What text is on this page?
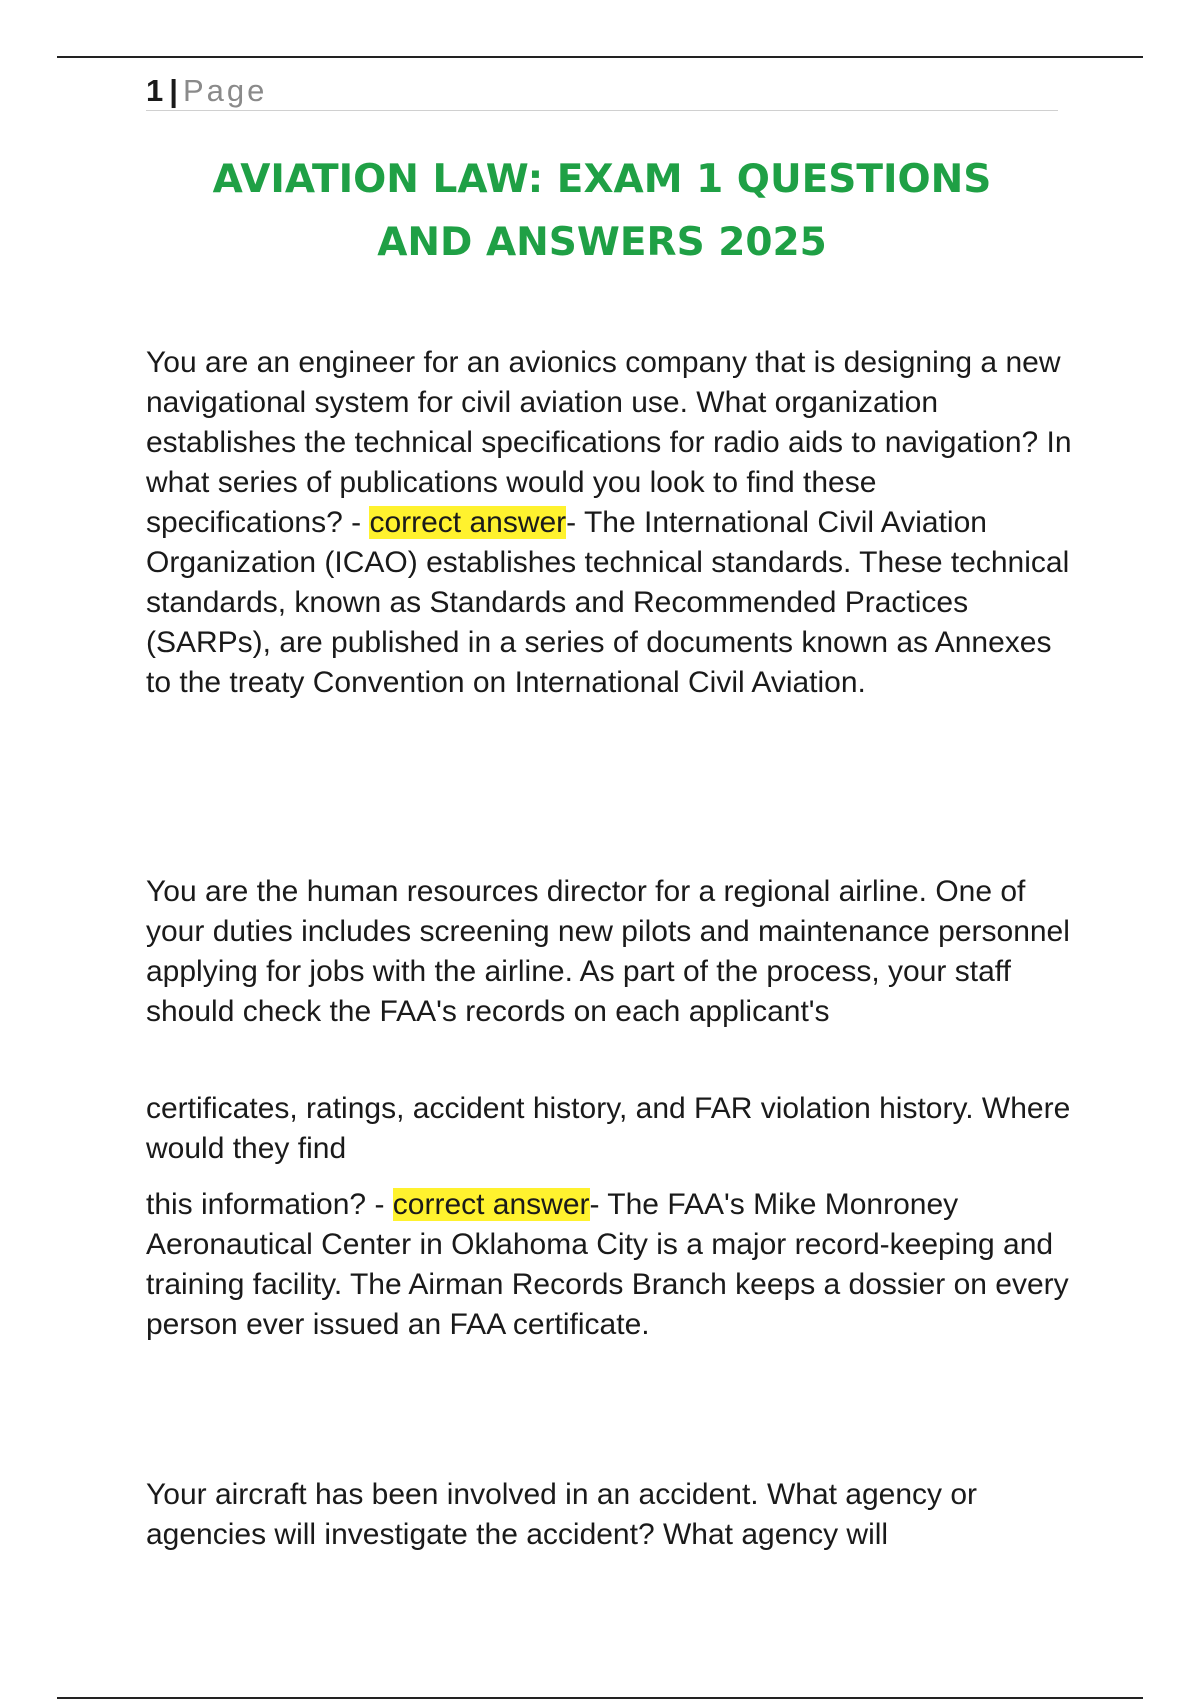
1 | Page
AVIATION LAW: EXAM 1 QUESTIONS
AND ANSWERS 2025

You are an engineer for an avionics company that is designing a new navigational system for civil aviation use. What organization establishes the technical specifications for radio aids to navigation? In what series of publications would you look to find these specifications? - correct answer- The International Civil Aviation Organization (ICAO) establishes technical standards. These technical standards, known as Standards and Recommended Practices (SARPs), are published in a series of documents known as Annexes to the treaty Convention on International Civil Aviation.

You are the human resources director for a regional airline. One of your duties includes screening new pilots and maintenance personnel applying for jobs with the airline. As part of the process, your staff should check the FAA's records on each applicant's

certificates, ratings, accident history, and FAR violation history. Where would they find

this information? - correct answer- The FAA's Mike Monroney Aeronautical Center in Oklahoma City is a major record-keeping and training facility. The Airman Records Branch keeps a dossier on every person ever issued an FAA certificate.

Your aircraft has been involved in an accident. What agency or agencies will investigate the accident? What agency will
